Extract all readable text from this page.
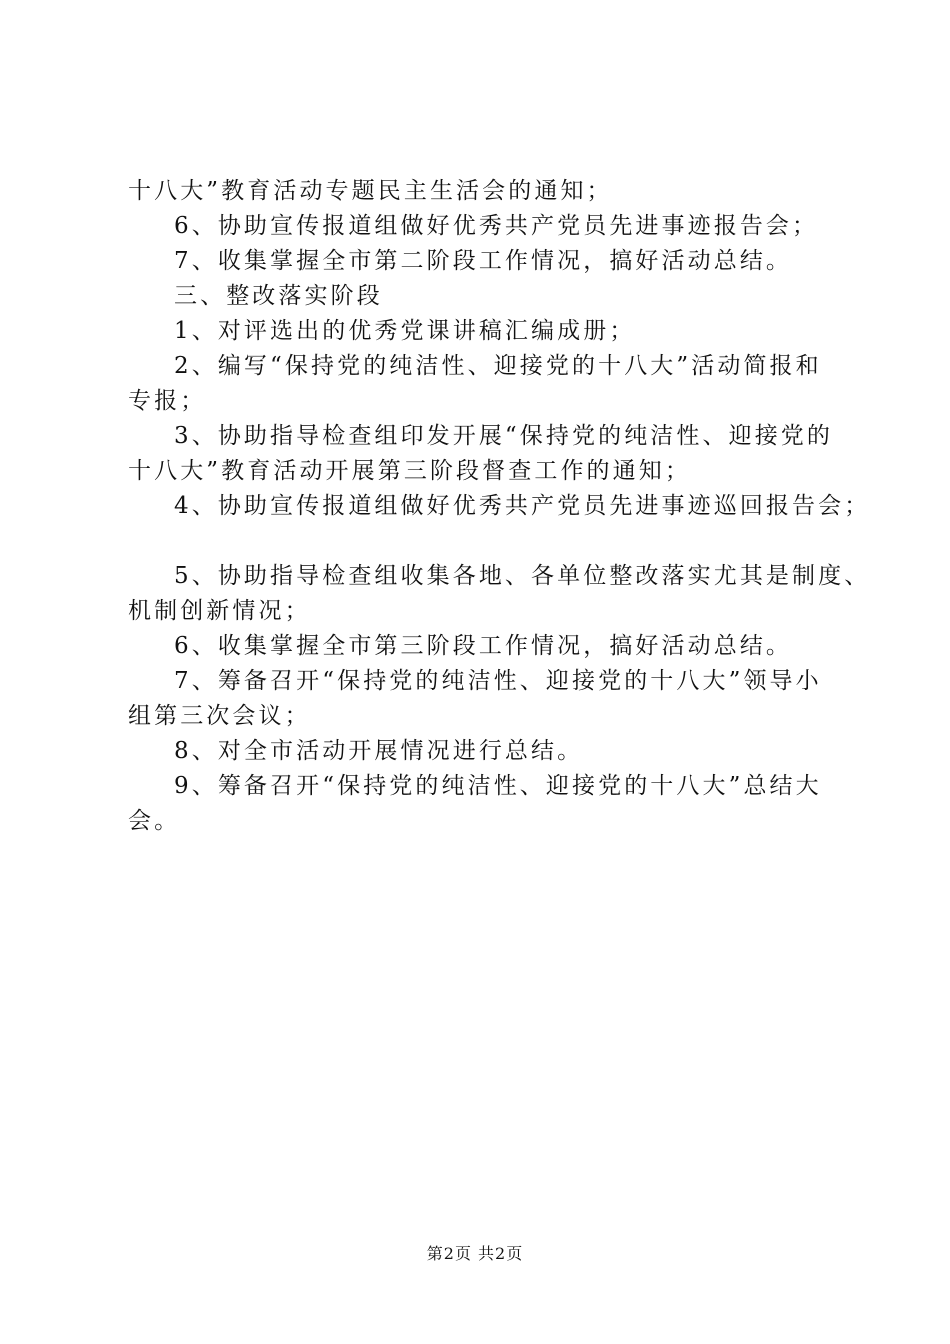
十八大”教育活动专题民主生活会的通知；
6、协助宣传报道组做好优秀共产党员先进事迹报告会；
7、收集掌握全市第二阶段工作情况，搞好活动总结。
三、整改落实阶段
1、对评选出的优秀党课讲稿汇编成册；
2、编写“保持党的纯洁性、迎接党的十八大”活动简报和
专报；
3、协助指导检查组印发开展“保持党的纯洁性、迎接党的
十八大”教育活动开展第三阶段督查工作的通知；
4、协助宣传报道组做好优秀共产党员先进事迹巡回报告会；
5、协助指导检查组收集各地、各单位整改落实尤其是制度、
机制创新情况；
6、收集掌握全市第三阶段工作情况，搞好活动总结。
7、筹备召开“保持党的纯洁性、迎接党的十八大”领导小
组第三次会议；
8、对全市活动开展情况进行总结。
9、筹备召开“保持党的纯洁性、迎接党的十八大”总结大
会。
第2页 共2页
